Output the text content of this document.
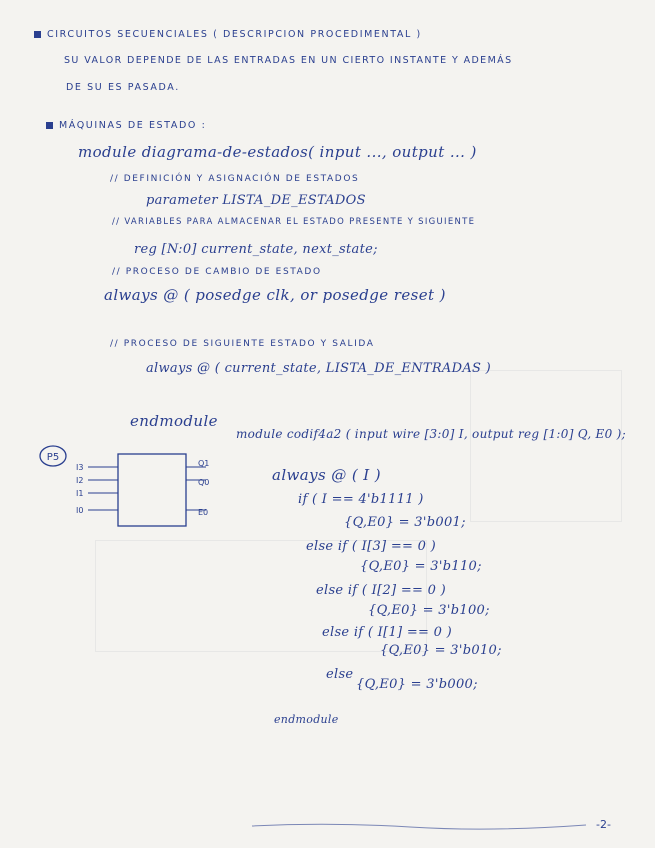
CIRCUITOS SECUENCIALES ( DESCRIPCION PROCEDIMENTAL )
SU VALOR DEPENDE DE LAS ENTRADAS EN UN CIERTO INSTANTE Y ADEMÁS
DE SU ES PASADA.
MÁQUINAS DE ESTADO :
module diagrama-de-estados( input ..., output ... )
// DEFINICIÓN Y ASIGNACIÓN DE ESTADOS
parameter LISTA_DE_ESTADOS
// VARIABLES PARA ALMACENAR EL ESTADO PRESENTE Y SIGUIENTE
reg [N:0] current_state, next_state;
// PROCESO DE CAMBIO DE ESTADO
always @ ( posedge clk, or posedge reset )
// PROCESO DE SIGUIENTE ESTADO Y SALIDA
always @ ( current_state, LISTA_DE_ENTRADAS )
endmodule
P5
I3
I2
I1
I0
Q1
Q0
E0
module codif4a2 ( input wire [3:0] I, output reg [1:0] Q, E0 );
always @ ( I )
if ( I == 4'b1111 )
{Q,E0} = 3'b001;
else if ( I[3] == 0 )
{Q,E0} = 3'b110;
else if ( I[2] == 0 )
{Q,E0} = 3'b100;
else if ( I[1] == 0 )
{Q,E0} = 3'b010;
else
{Q,E0} = 3'b000;
endmodule
-2-
